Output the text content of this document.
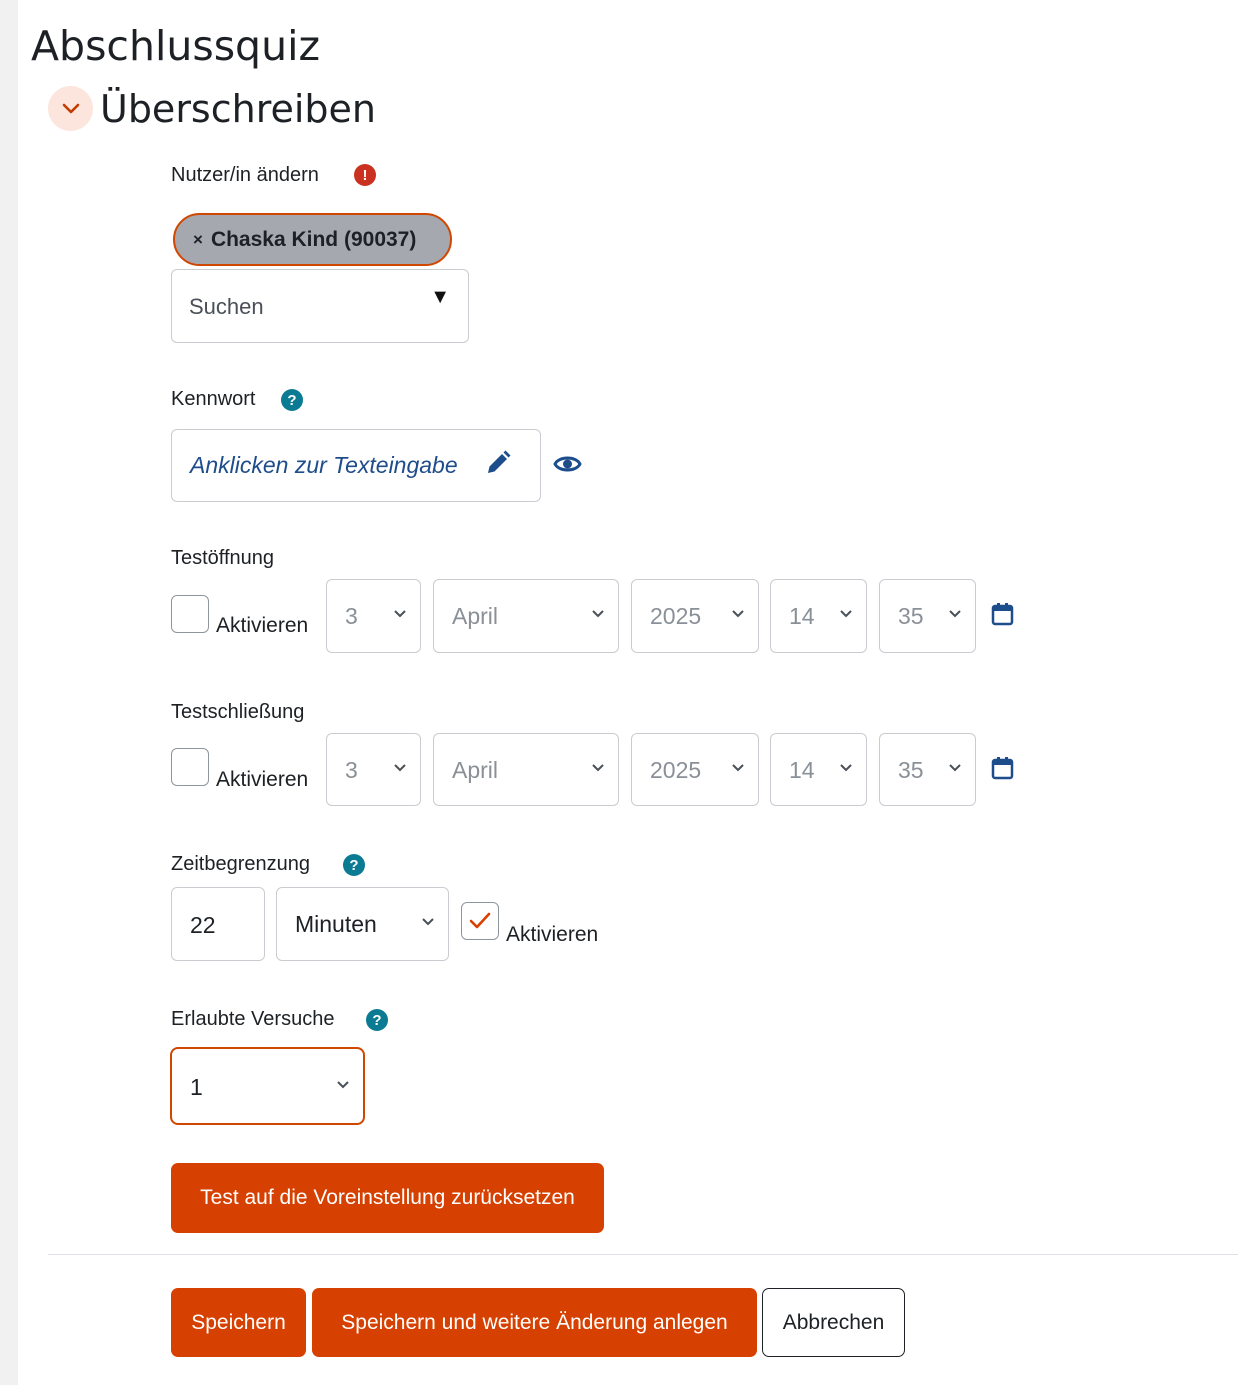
Abschlussquiz
Überschreiben
Nutzer/in ändern	!
× Chaska Kind (90037)
Suchen
▼
Kennwort	?
Anklicken zur Texteingabe
Testöffnung
Aktivieren 3	April	2025	14	35
Testschließung
Aktivieren 3	April	2025	14	35
Zeitbegrenzung	?
22	Minuten	Aktivieren
Erlaubte Versuche	?
1
Test auf die Voreinstellung zurücksetzen
Speichern	Speichern und weitere Änderung anlegen	Abbrechen
